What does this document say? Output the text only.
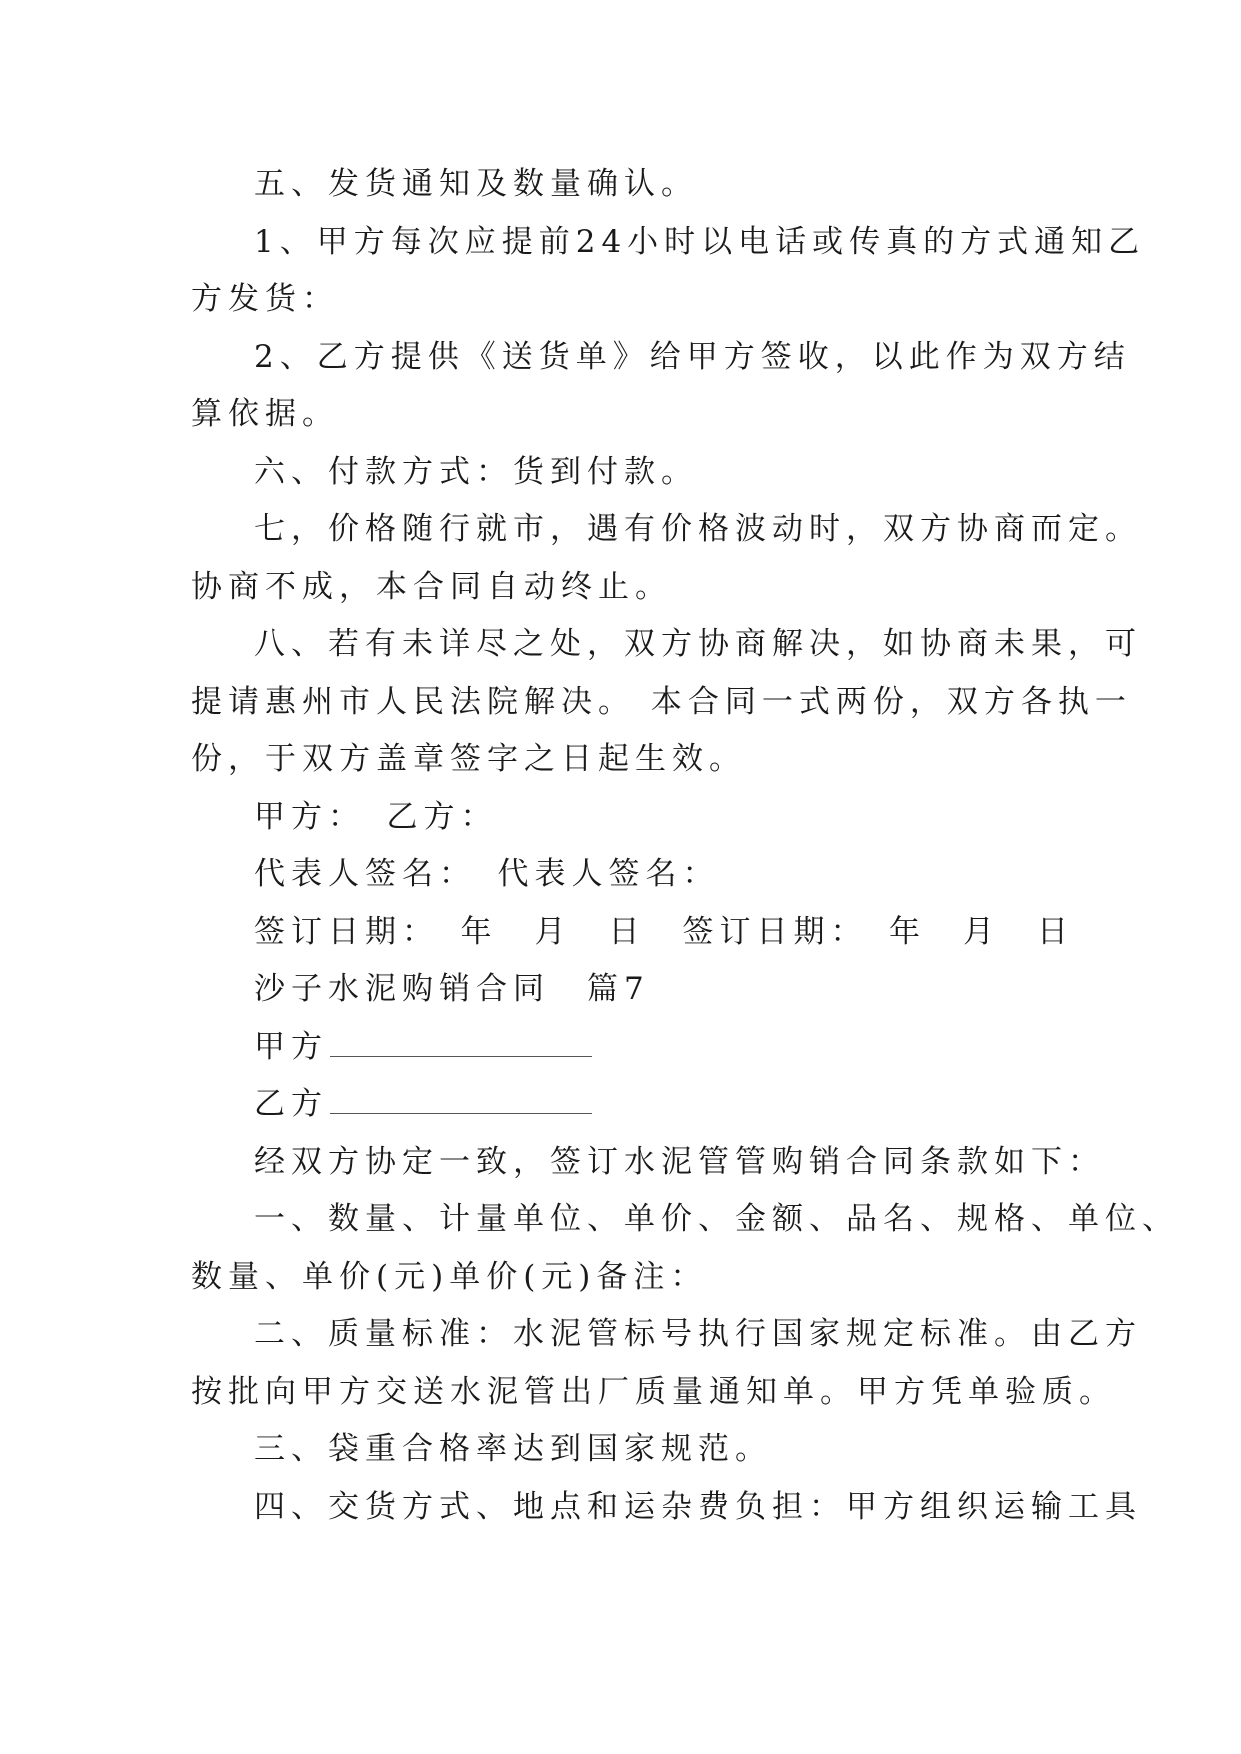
五、发货通知及数量确认。

1、甲方每次应提前24小时以电话或传真的方式通知乙
方发货：

2、乙方提供《送货单》给甲方签收，以此作为双方结
算依据。

六、付款方式：货到付款。

七，价格随行就市，遇有价格波动时，双方协商而定。
协商不成，本合同自动终止。

八、若有未详尽之处，双方协商解决，如协商未果，可
提请惠州市人民法院解决。 本合同一式两份，双方各执一
份，于双方盖章签字之日起生效。

甲方：　乙方：

代表人签名：　代表人签名：

签订日期：　年　月　日　签订日期：　年　月　日

沙子水泥购销合同　篇7

甲方

乙方

经双方协定一致，签订水泥管管购销合同条款如下：

一、数量、计量单位、单价、金额、品名、规格、单位、
数量、单价(元)单价(元)备注：

二、质量标准：水泥管标号执行国家规定标准。由乙方
按批向甲方交送水泥管出厂质量通知单。甲方凭单验质。

三、袋重合格率达到国家规范。

四、交货方式、地点和运杂费负担：甲方组织运输工具
